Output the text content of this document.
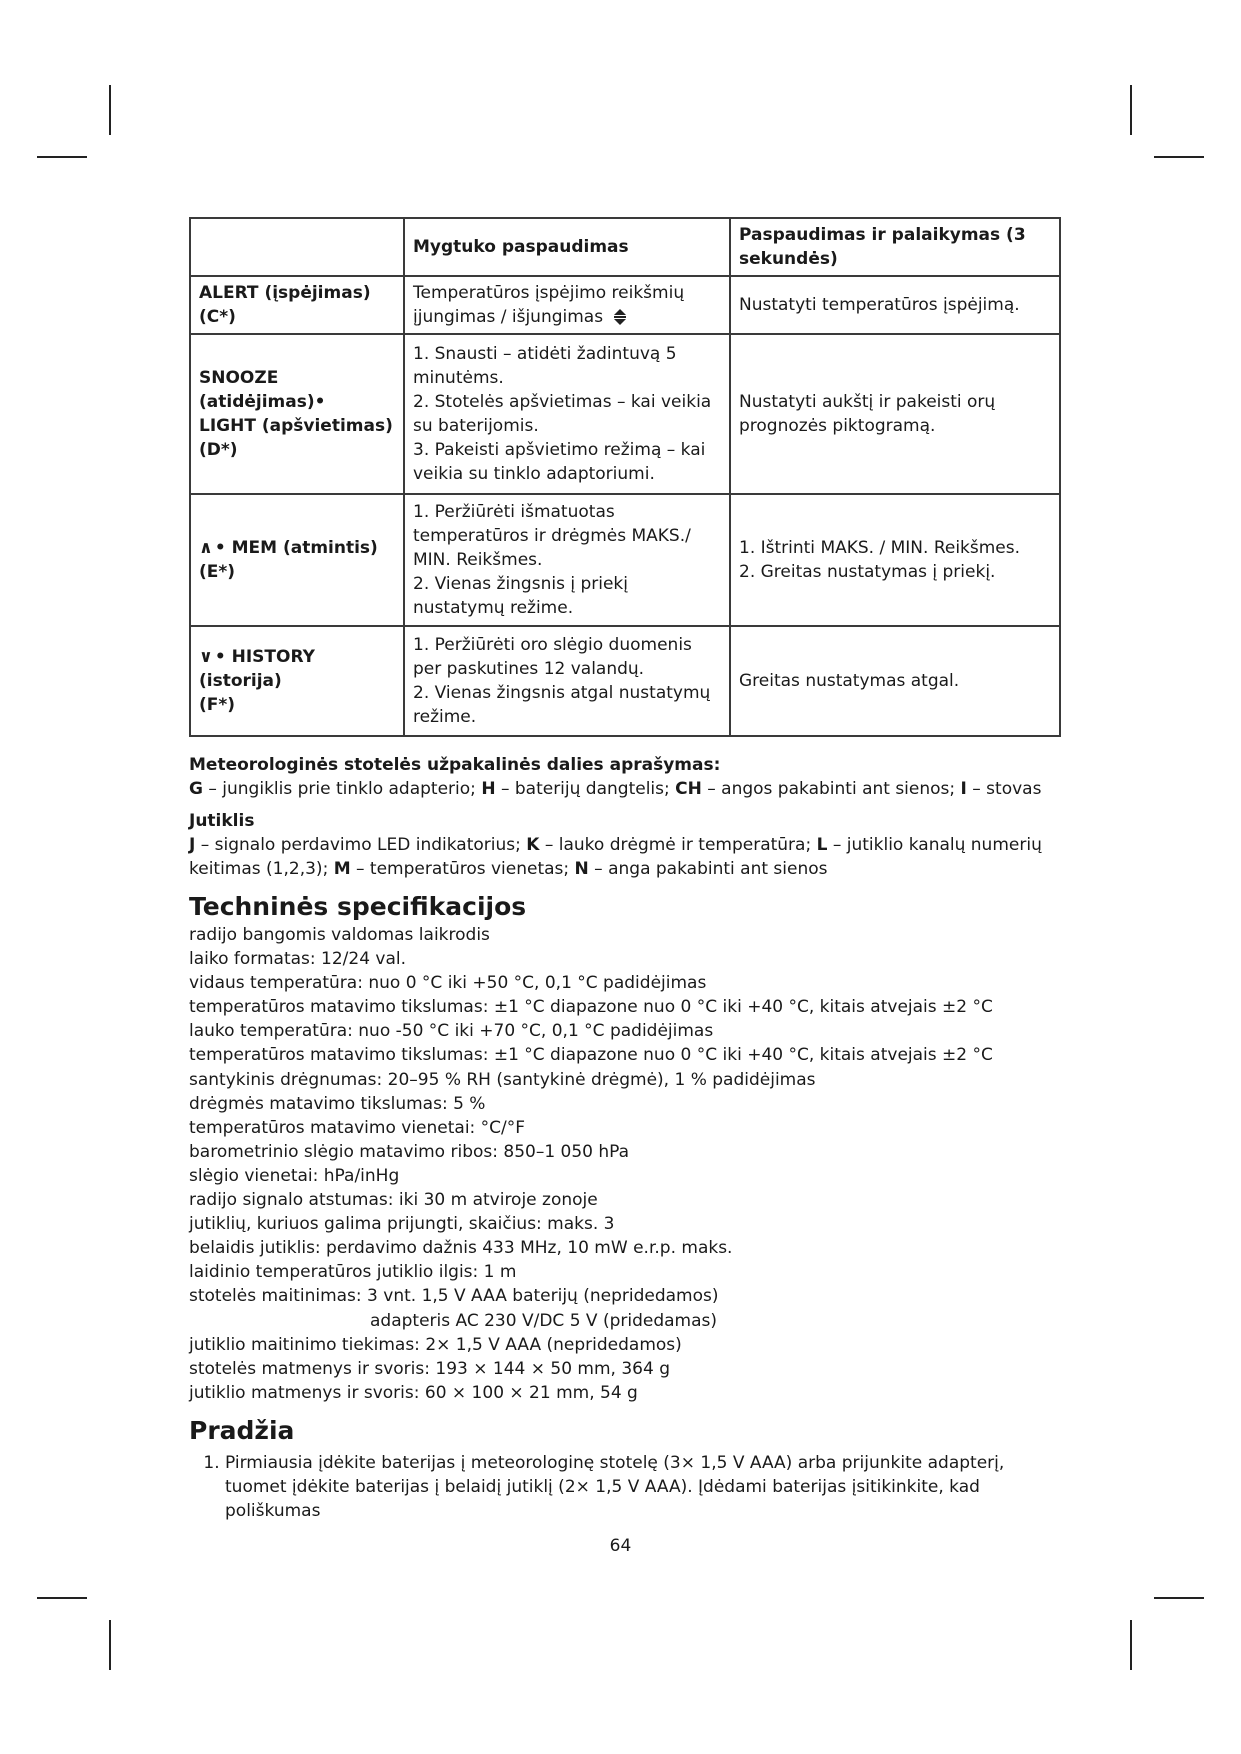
	Mygtuko paspaudimas	Paspaudimas ir palaikymas (3 sekundės)

ALERT (įspėjimas)
(C*)	Temperatūros įspėjimo reikšmių įjungimas / išjungimas	Nustatyti temperatūros įspėjimą.

SNOOZE (atidėjimas)•
LIGHT (apšvietimas)
(D*)	1. Snausti – atidėti žadintuvą 5 minutėms.
2. Stotelės apšvietimas – kai veikia su baterijomis.
3. Pakeisti apšvietimo režimą – kai veikia su tinklo adaptoriumi.	Nustatyti aukštį ir pakeisti orų prognozės piktogramą.

∧ • MEM (atmintis)
(E*)	1. Peržiūrėti išmatuotas temperatūros ir drėgmės MAKS./ MIN. Reikšmes.
2. Vienas žingsnis į priekį nustatymų režime.	1. Ištrinti MAKS. / MIN. Reikšmes.
2. Greitas nustatymas į priekį.

∨ • HISTORY (istorija)
(F*)	1. Peržiūrėti oro slėgio duomenis per paskutines 12 valandų.
2. Vienas žingsnis atgal nustatymų režime.	Greitas nustatymas atgal.
Meteorologinės stotelės užpakalinės dalies aprašymas:
G – jungiklis prie tinklo adapterio; H – baterijų dangtelis; CH – angos pakabinti ant sienos; I – stovas
Jutiklis
J – signalo perdavimo LED indikatorius; K – lauko drėgmė ir temperatūra; L – jutiklio kanalų numerių keitimas (1,2,3); M – temperatūros vienetas; N – anga pakabinti ant sienos
Techninės specifikacijos
radijo bangomis valdomas laikrodis
laiko formatas: 12/24 val.
vidaus temperatūra: nuo 0 °C iki +50 °C, 0,1 °C padidėjimas
temperatūros matavimo tikslumas: ±1 °C diapazone nuo 0 °C iki +40 °C, kitais atvejais ±2 °C
lauko temperatūra: nuo -50 °C iki +70 °C, 0,1 °C padidėjimas
temperatūros matavimo tikslumas: ±1 °C diapazone nuo 0 °C iki +40 °C, kitais atvejais ±2 °C
santykinis drėgnumas: 20–95 % RH (santykinė drėgmė), 1 % padidėjimas
drėgmės matavimo tikslumas: 5 %
temperatūros matavimo vienetai: °C/°F
barometrinio slėgio matavimo ribos: 850–1 050 hPa
slėgio vienetai: hPa/inHg
radijo signalo atstumas: iki 30 m atviroje zonoje
jutiklių, kuriuos galima prijungti, skaičius: maks. 3
belaidis jutiklis: perdavimo dažnis 433 MHz, 10 mW e.r.p. maks.
laidinio temperatūros jutiklio ilgis: 1 m
stotelės maitinimas: 3 vnt. 1,5 V AAA baterijų (nepridedamos)
adapteris AC 230 V/DC 5 V (pridedamas)
jutiklio maitinimo tiekimas: 2× 1,5 V AAA (nepridedamos)
stotelės matmenys ir svoris: 193 × 144 × 50 mm, 364 g
jutiklio matmenys ir svoris: 60 × 100 × 21 mm, 54 g
Pradžia
1. Pirmiausia įdėkite baterijas į meteorologinę stotelę (3× 1,5 V AAA) arba prijunkite adapterį, tuomet įdėkite baterijas į belaidį jutiklį (2× 1,5 V AAA). Įdėdami baterijas įsitikinkite, kad poliškumas
64
